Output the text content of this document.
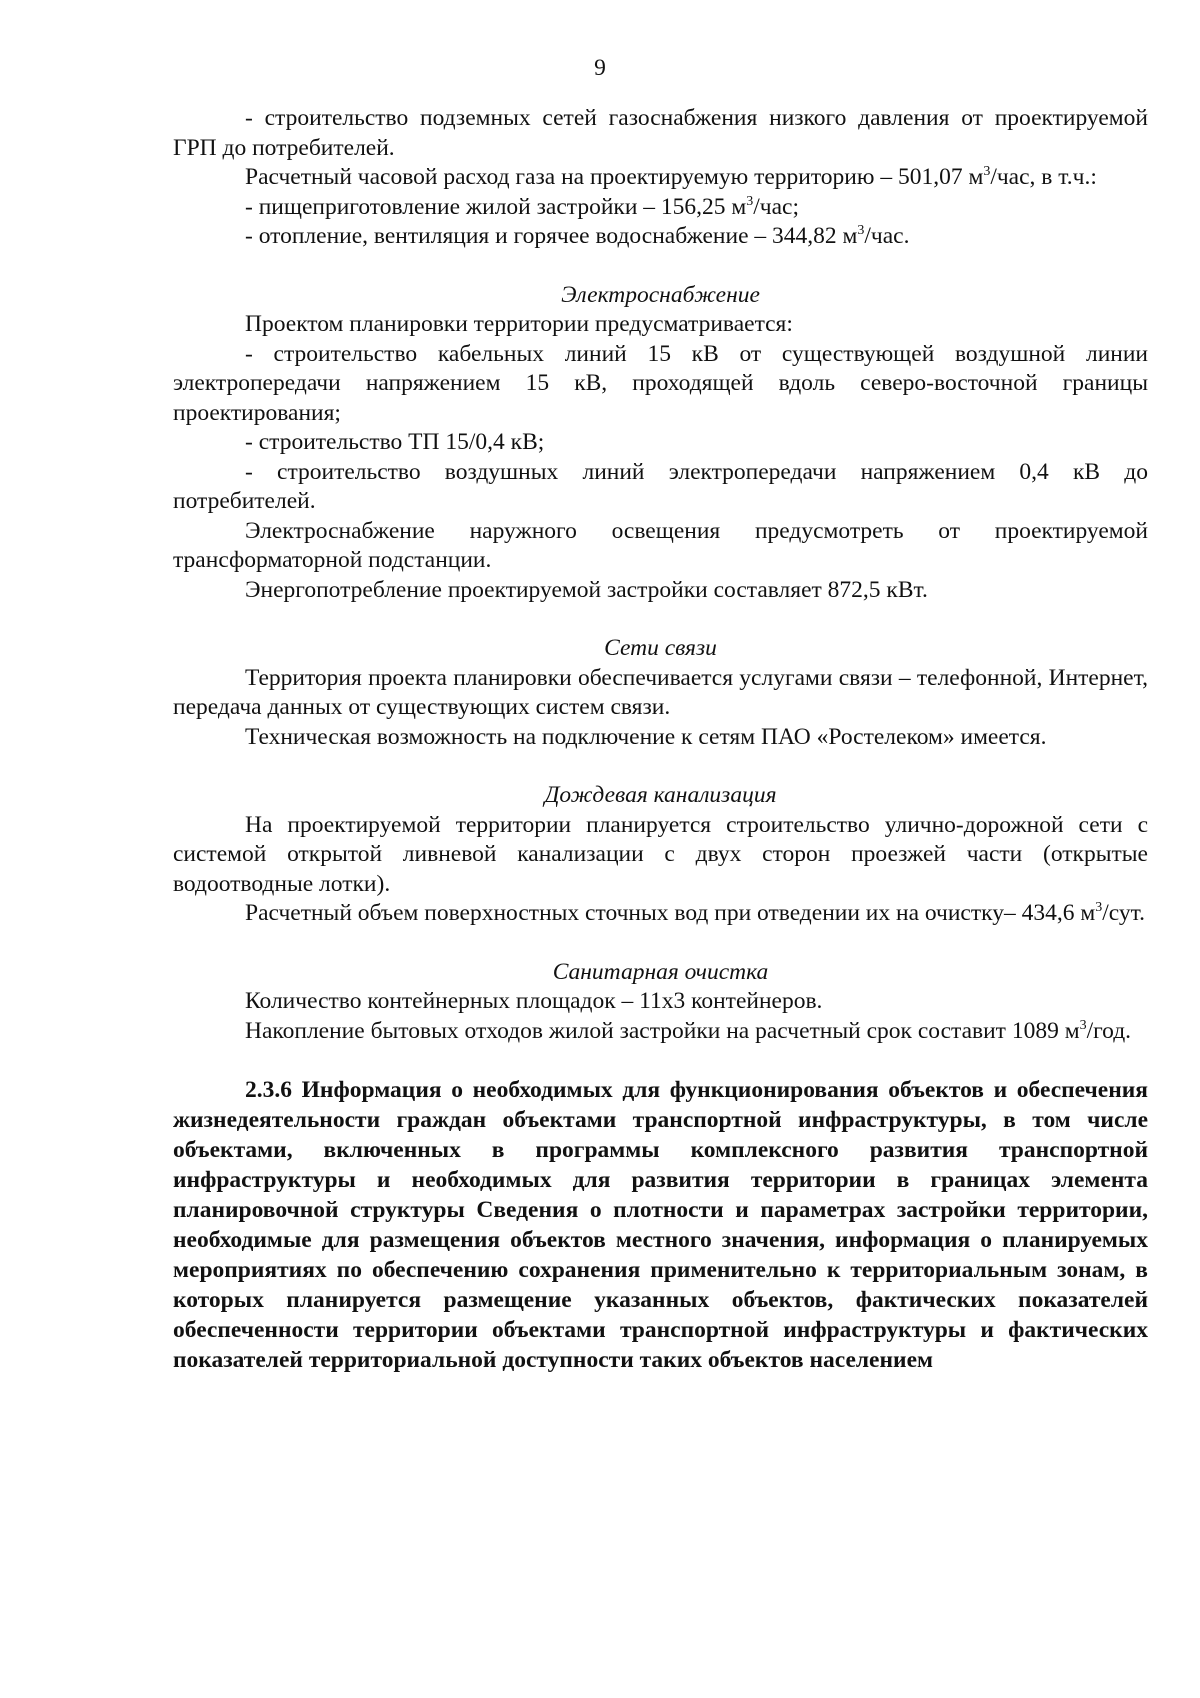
9

- строительство подземных сетей газоснабжения низкого давления от проектируемой ГРП до потребителей.

Расчетный часовой расход газа на проектируемую территорию – 501,07 $м^3$/час, в т.ч.:

- пищеприготовление жилой застройки – 156,25 $м^3$/час;

- отопление, вентиляция и горячее водоснабжение – 344,82 $м^3$/час.

Электроснабжение

Проектом планировки территории предусматривается:

- строительство кабельных линий 15 кВ от существующей воздушной линии электропередачи напряжением 15 кВ, проходящей вдоль северо-восточной границы проектирования;

- строительство ТП 15/0,4 кВ;

- строительство воздушных линий электропередачи напряжением 0,4 кВ до потребителей.

Электроснабжение наружного освещения предусмотреть от проектируемой трансформаторной подстанции.

Энергопотребление проектируемой застройки составляет 872,5 кВт.

Сети связи

Территория проекта планировки обеспечивается услугами связи – телефонной, Интернет, передача данных от существующих систем связи.

Техническая возможность на подключение к сетям ПАО «Ростелеком» имеется.

Дождевая канализация

На проектируемой территории планируется строительство улично-дорожной сети с системой открытой ливневой канализации с двух сторон проезжей части (открытые водоотводные лотки).

Расчетный объем поверхностных сточных вод при отведении их на очистку– 434,6 $м^3$/сут.

Санитарная очистка

Количество контейнерных площадок – 11х3 контейнеров.

Накопление бытовых отходов жилой застройки на расчетный срок составит 1089 $м^3$/год.

2.3.6 Информация о необходимых для функционирования объектов и обеспечения жизнедеятельности граждан объектами транспортной инфраструктуры, в том числе объектами, включенных в программы комплексного развития транспортной инфраструктуры и необходимых для развития территории в границах элемента планировочной структуры Сведения о плотности и параметрах застройки территории, необходимые для размещения объектов местного значения, информация о планируемых мероприятиях по обеспечению сохранения применительно к территориальным зонам, в которых планируется размещение указанных объектов, фактических показателей обеспеченности территории объектами транспортной инфраструктуры и фактических показателей территориальной доступности таких объектов населением
